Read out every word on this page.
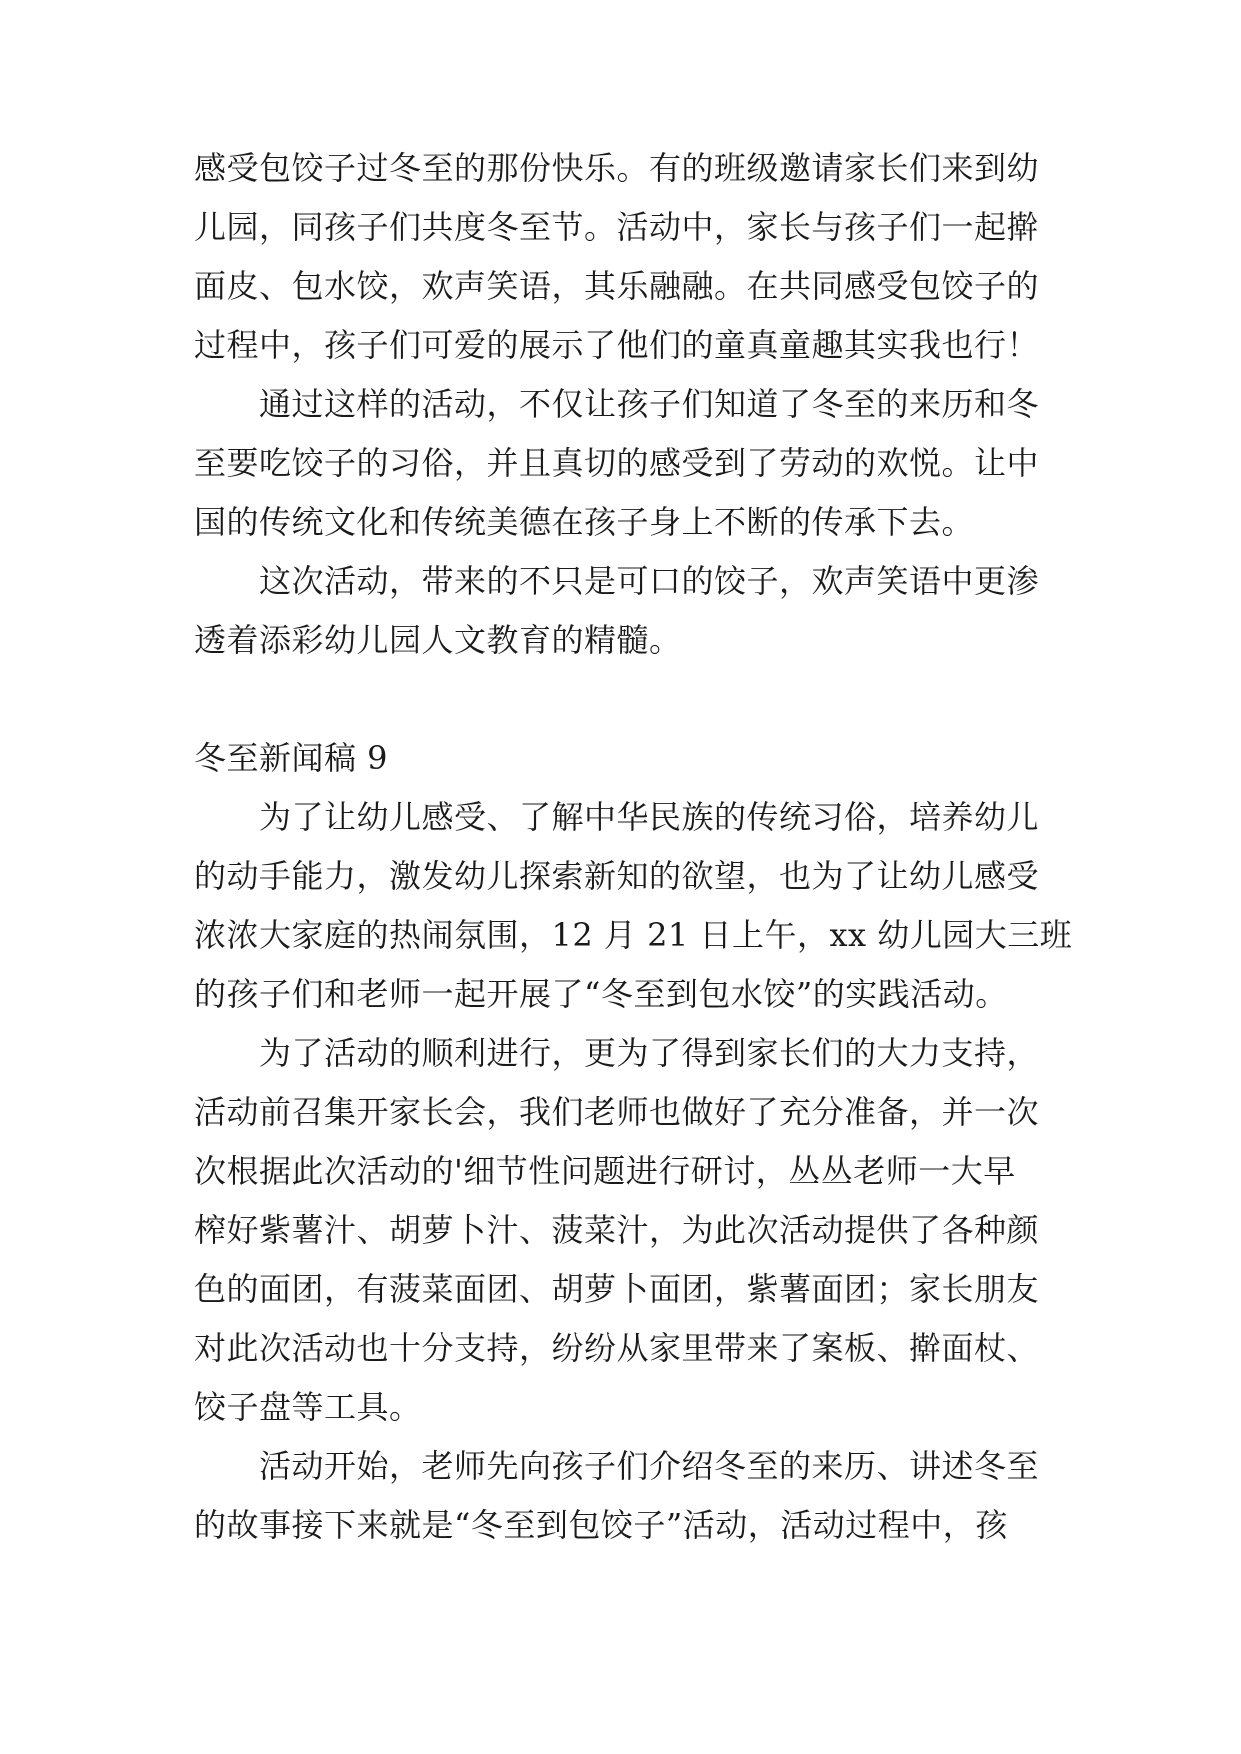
感受包饺子过冬至的那份快乐。有的班级邀请家长们来到幼

儿园，同孩子们共度冬至节。活动中，家长与孩子们一起擀

面皮、包水饺，欢声笑语，其乐融融。在共同感受包饺子的

过程中，孩子们可爱的展示了他们的童真童趣其实我也行！

通过这样的活动，不仅让孩子们知道了冬至的来历和冬

至要吃饺子的习俗，并且真切的感受到了劳动的欢悦。让中

国的传统文化和传统美德在孩子身上不断的传承下去。

这次活动，带来的不只是可口的饺子，欢声笑语中更渗

透着添彩幼儿园人文教育的精髓。

冬至新闻稿 9

为了让幼儿感受、了解中华民族的传统习俗，培养幼儿

的动手能力，激发幼儿探索新知的欲望，也为了让幼儿感受

浓浓大家庭的热闹氛围，12 月 21 日上午，xx 幼儿园大三班

的孩子们和老师一起开展了“冬至到包水饺”的实践活动。

为了活动的顺利进行，更为了得到家长们的大力支持，

活动前召集开家长会，我们老师也做好了充分准备，并一次

次根据此次活动的'细节性问题进行研讨，丛丛老师一大早

榨好紫薯汁、胡萝卜汁、菠菜汁，为此次活动提供了各种颜

色的面团，有菠菜面团、胡萝卜面团，紫薯面团；家长朋友

对此次活动也十分支持，纷纷从家里带来了案板、擀面杖、

饺子盘等工具。

活动开始，老师先向孩子们介绍冬至的来历、讲述冬至

的故事接下来就是“冬至到包饺子”活动，活动过程中，孩
